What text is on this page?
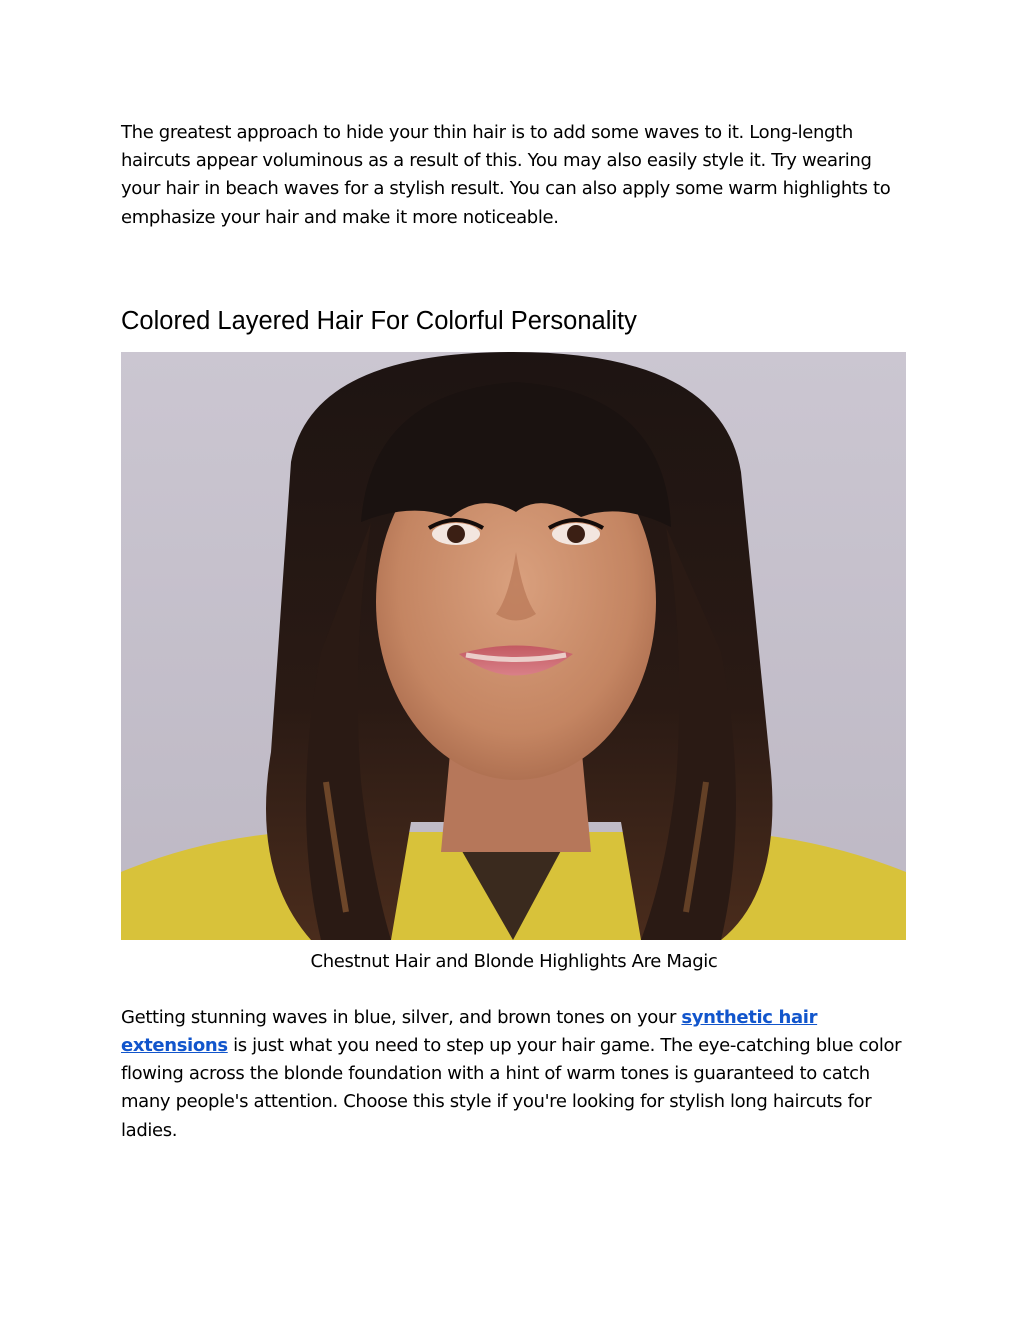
The greatest approach to hide your thin hair is to add some waves to it. Long-length haircuts appear voluminous as a result of this. You may also easily style it. Try wearing your hair in beach waves for a stylish result. You can also apply some warm highlights to emphasize your hair and make it more noticeable.

Colored Layered Hair For Colorful Personality

Chestnut Hair and Blonde Highlights Are Magic

Getting stunning waves in blue, silver, and brown tones on your synthetic hair extensions is just what you need to step up your hair game. The eye-catching blue color flowing across the blonde foundation with a hint of warm tones is guaranteed to catch many people's attention. Choose this style if you're looking for stylish long haircuts for ladies.
